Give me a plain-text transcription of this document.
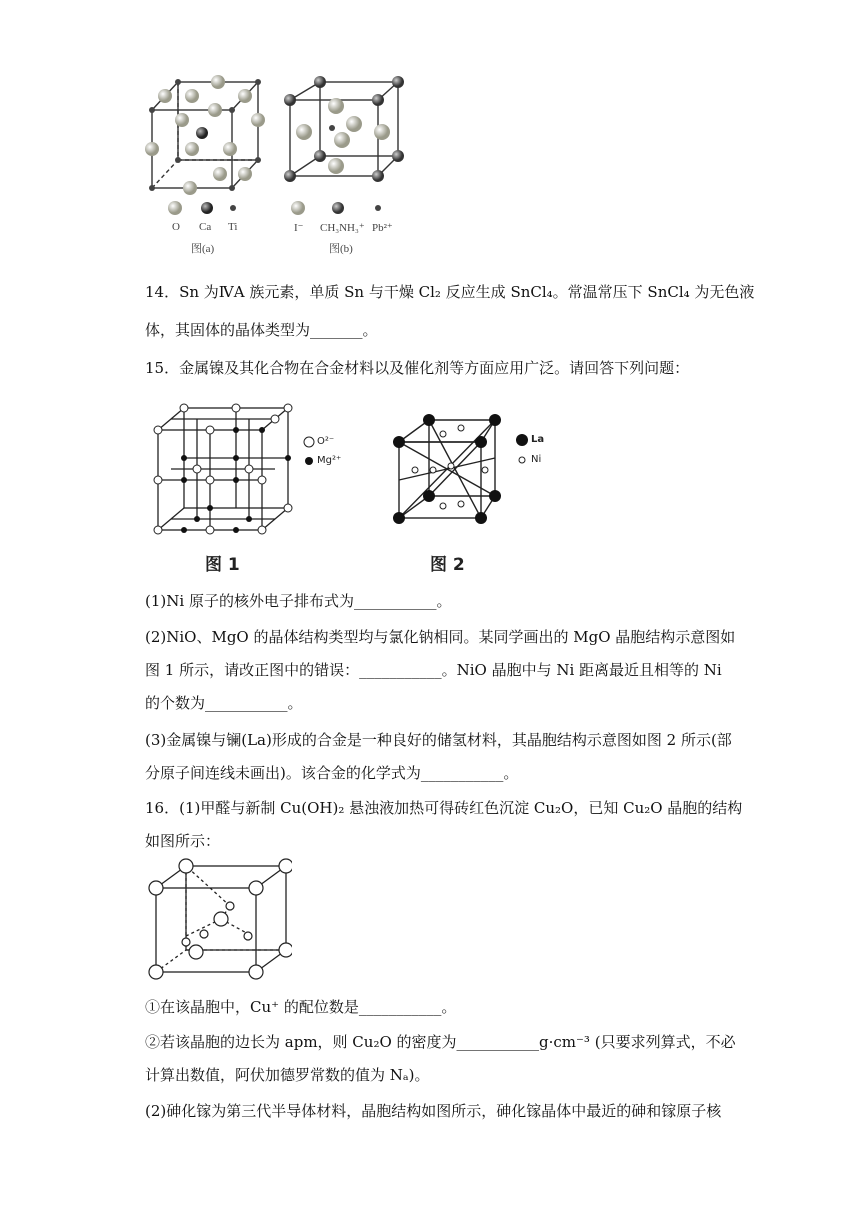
O Ca Ti
图(a)
I⁻ CH₃NH₃⁺ Pb²⁺
图(b)
14．Sn 为ⅣA 族元素，单质 Sn 与干燥 Cl₂ 反应生成 SnCl₄。常温常压下 SnCl₄ 为无色液
体，其固体的晶体类型为_______。
15．金属镍及其化合物在合金材料以及催化剂等方面应用广泛。请回答下列问题：
O²⁻
Mg²⁺
图 1
La
Ni
图 2
(1)Ni 原子的核外电子排布式为___________。
(2)NiO、MgO 的晶体结构类型均与氯化钠相同。某同学画出的 MgO 晶胞结构示意图如
图 1 所示，请改正图中的错误：___________。NiO 晶胞中与 Ni 距离最近且相等的 Ni
的个数为___________。
(3)金属镍与镧(La)形成的合金是一种良好的储氢材料，其晶胞结构示意图如图 2 所示(部
分原子间连线未画出)。该合金的化学式为___________。
16．(1)甲醛与新制 Cu(OH)₂ 悬浊液加热可得砖红色沉淀 Cu₂O，已知 Cu₂O 晶胞的结构
如图所示：
①在该晶胞中，Cu⁺ 的配位数是___________。
②若该晶胞的边长为 apm，则 Cu₂O 的密度为___________g·cm⁻³ (只要求列算式，不必
计算出数值，阿伏加德罗常数的值为 Nₐ)。
(2)砷化镓为第三代半导体材料，晶胞结构如图所示，砷化镓晶体中最近的砷和镓原子核
